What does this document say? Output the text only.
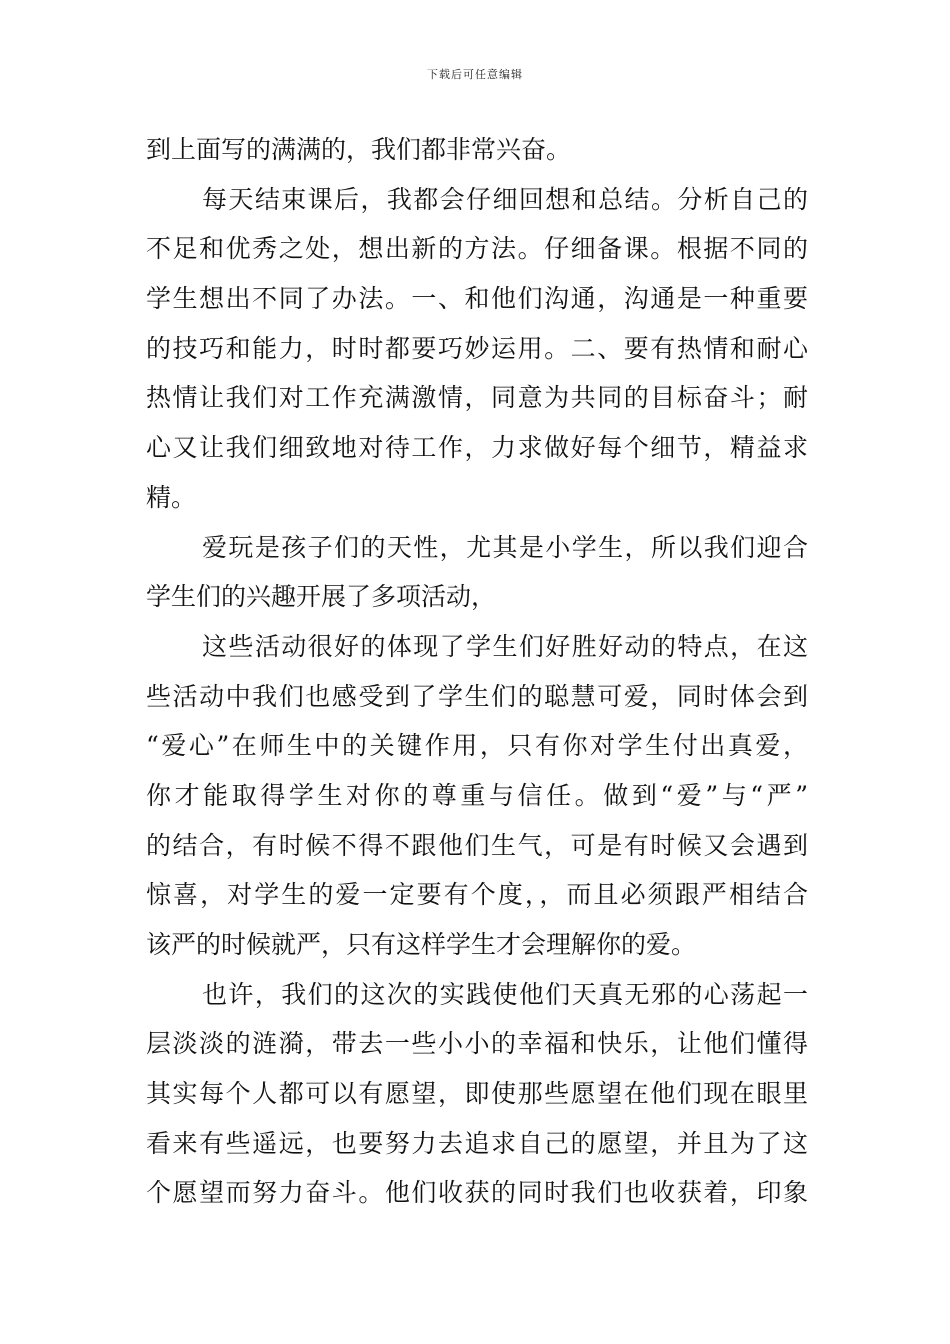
下载后可任意编辑
到上面写的满满的，我们都非常兴奋。
每天结束课后，我都会仔细回想和总结。分析自己的
不足和优秀之处，想出新的方法。仔细备课。根据不同的
学生想出不同了办法。一、和他们沟通，沟通是一种重要
的技巧和能力，时时都要巧妙运用。二、要有热情和耐心
热情让我们对工作充满激情，同意为共同的目标奋斗；耐
心又让我们细致地对待工作，力求做好每个细节，精益求
精。
爱玩是孩子们的天性，尤其是小学生，所以我们迎合
学生们的兴趣开展了多项活动，
这些活动很好的体现了学生们好胜好动的特点，在这
些活动中我们也感受到了学生们的聪慧可爱，同时体会到
“爱心”在师生中的关键作用，只有你对学生付出真爱，
你才能取得学生对你的尊重与信任。做到“爱”与“严”
的结合，有时候不得不跟他们生气，可是有时候又会遇到
惊喜，对学生的爱一定要有个度，，而且必须跟严相结合
该严的时候就严，只有这样学生才会理解你的爱。
也许，我们的这次的实践使他们天真无邪的心荡起一
层淡淡的涟漪，带去一些小小的幸福和快乐，让他们懂得
其实每个人都可以有愿望，即使那些愿望在他们现在眼里
看来有些遥远，也要努力去追求自己的愿望，并且为了这
个愿望而努力奋斗。他们收获的同时我们也收获着，印象
